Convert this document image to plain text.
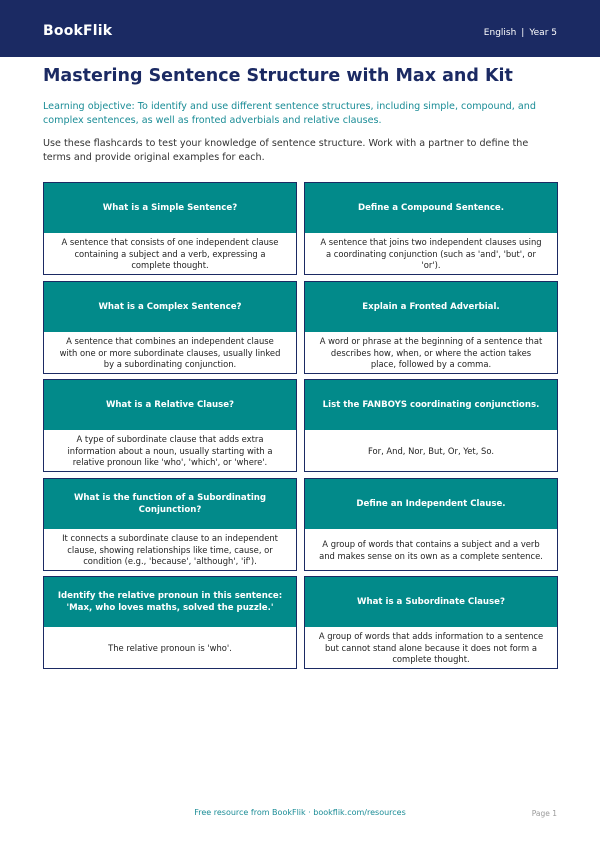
BookFlik	English | Year 5
Mastering Sentence Structure with Max and Kit

Learning objective: To identify and use different sentence structures, including simple, compound, and complex sentences, as well as fronted adverbials and relative clauses.

Use these flashcards to test your knowledge of sentence structure. Work with a partner to define the terms and provide original examples for each.

What is a Simple Sentence?
A sentence that consists of one independent clause containing a subject and a verb, expressing a complete thought.
Define a Compound Sentence.
A sentence that joins two independent clauses using a coordinating conjunction (such as 'and', 'but', or 'or').
What is a Complex Sentence?
A sentence that combines an independent clause with one or more subordinate clauses, usually linked by a subordinating conjunction.
Explain a Fronted Adverbial.
A word or phrase at the beginning of a sentence that describes how, when, or where the action takes place, followed by a comma.
What is a Relative Clause?
A type of subordinate clause that adds extra information about a noun, usually starting with a relative pronoun like 'who', 'which', or 'where'.
List the FANBOYS coordinating conjunctions.
For, And, Nor, But, Or, Yet, So.
What is the function of a Subordinating Conjunction?
It connects a subordinate clause to an independent clause, showing relationships like time, cause, or condition (e.g., 'because', 'although', 'if').
Define an Independent Clause.
A group of words that contains a subject and a verb and makes sense on its own as a complete sentence.
Identify the relative pronoun in this sentence: 'Max, who loves maths, solved the puzzle.'
The relative pronoun is 'who'.
What is a Subordinate Clause?
A group of words that adds information to a sentence but cannot stand alone because it does not form a complete thought.
Free resource from BookFlik · bookflik.com/resources	Page 1
